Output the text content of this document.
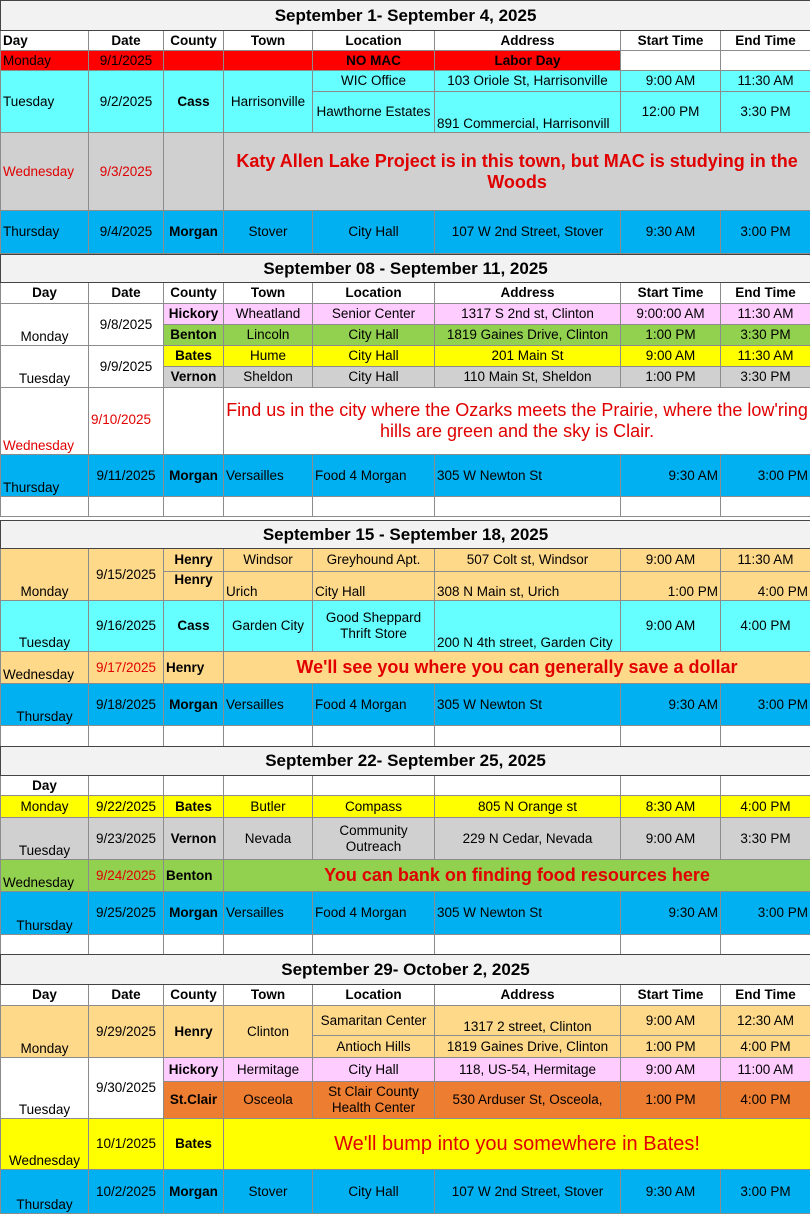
September 1- September 4, 2025							
Day	Date	County	Town	Location	Address	Start Time	End Time
Monday	9/1/2025			NO MAC	Labor Day		
Tuesday	9/2/2025	Cass	Harrisonville	WIC Office	103 Oriole St, Harrisonville	9:00 AM	11:30 AM
				Hawthorne Estates	891 Commercial, Harrisonvill	12:00 PM	3:30 PM
Wednesday	9/3/2025		Katy Allen Lake Project is in this town, but MAC is studying in the Woods				
Thursday	9/4/2025	Morgan	Stover	City Hall	107 W 2nd Street, Stover	9:30 AM	3:00 PM
September 08 - September 11, 2025							
Day	Date	County	Town	Location	Address	Start Time	End Time
Monday	9/8/2025	Hickory	Wheatland	Senior Center	1317 S 2nd st, Clinton	9:00:00 AM	11:30 AM
		Benton	Lincoln	City Hall	1819 Gaines Drive, Clinton	1:00 PM	3:30 PM
Tuesday	9/9/2025	Bates	Hume	City Hall	201 Main St	9:00 AM	11:30 AM
		Vernon	Sheldon	City Hall	110 Main St, Sheldon	1:00 PM	3:30 PM
Wednesday	9/10/2025		Find us in the city where the Ozarks meets the Prairie, where the low'ring hills are green and the sky is Clair.				
Thursday	9/11/2025	Morgan	Versailles	Food 4 Morgan	305 W Newton St	9:30 AM	3:00 PM

September 15 - September 18, 2025							
Monday	9/15/2025	Henry	Windsor	Greyhound Apt.	507 Colt st, Windsor	9:00 AM	11:30 AM
		Henry	Urich	City Hall	308 N Main st, Urich	1:00 PM	4:00 PM
Tuesday	9/16/2025	Cass	Garden City	Good Sheppard Thrift Store	200 N 4th street, Garden City	9:00 AM	4:00 PM
Wednesday	9/17/2025	Henry	We'll see you where you can generally save a dollar				
Thursday	9/18/2025	Morgan	Versailles	Food 4 Morgan	305 W Newton St	9:30 AM	3:00 PM

September 22- September 25, 2025							
Day							
Monday	9/22/2025	Bates	Butler	Compass	805 N Orange st	8:30 AM	4:00 PM
Tuesday	9/23/2025	Vernon	Nevada	Community Outreach	229 N Cedar, Nevada	9:00 AM	3:30 PM
Wednesday	9/24/2025	Benton	You can bank on finding food resources here				
Thursday	9/25/2025	Morgan	Versailles	Food 4 Morgan	305 W Newton St	9:30 AM	3:00 PM

September 29- October 2, 2025							
Day	Date	County	Town	Location	Address	Start Time	End Time
Monday	9/29/2025	Henry	Clinton	Samaritan Center	1317 2 street, Clinton	9:00 AM	12:30 AM
				Antioch Hills	1819 Gaines Drive, Clinton	1:00 PM	4:00 PM
Tuesday	9/30/2025	Hickory	Hermitage	City Hall	118, US-54, Hermitage	9:00 AM	11:00 AM
		St.Clair	Osceola	St Clair County Health Center	530 Arduser St, Osceola,	1:00 PM	4:00 PM
Wednesday	10/1/2025	Bates	We'll bump into you somewhere in Bates!				
Thursday	10/2/2025	Morgan	Stover	City Hall	107 W 2nd Street, Stover	9:30 AM	3:00 PM
